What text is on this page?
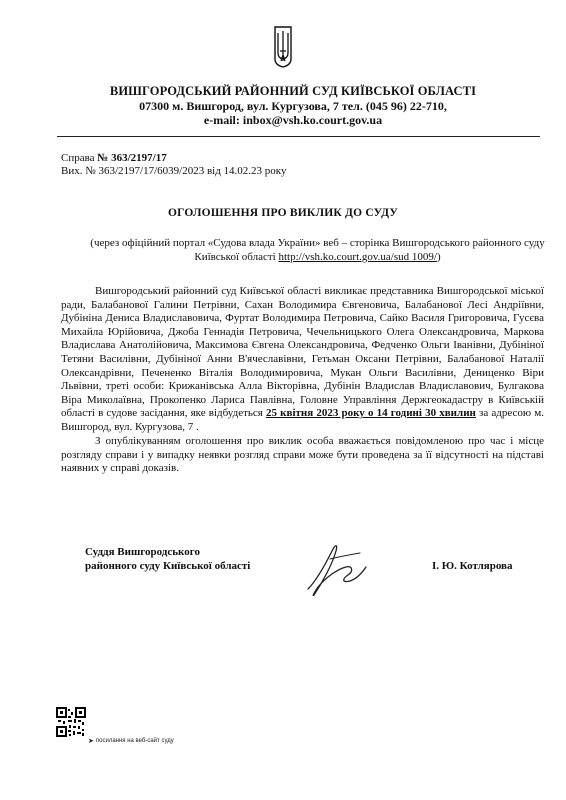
ВИШГОРОДСЬКИЙ РАЙОННИЙ СУД КИЇВСЬКОЇ ОБЛАСТІ
07300 м. Вишгород, вул. Кургузова, 7 тел. (045 96) 22-710,
e-mail: inbox@vsh.ko.court.gov.ua
Справа № 363/2197/17
Вих. № 363/2197/17/6039/2023 від 14.02.23 року
ОГОЛОШЕННЯ ПРО ВИКЛИК ДО СУДУ
(через офіційний портал «Судова влада України» веб – сторінка Вишгородського районного суду Київської області http://vsh.ko.court.gov.ua/sud 1009/)
Вишгородський районний суд Київської області викликає представника Вишгородської міської ради, Балабанової Галини Петрівни, Сахан Володимира Євгеновича, Балабанової Лесі Андріївни, Дубініна Дениса Владиславовича, Фуртат Володимира Петровича, Сайко Василя Григоровича, Гусєва Михайла Юрійовича, Джоба Геннадія Петровича, Чечельницького Олега Олександровича, Маркова Владислава Анатолійовича, Максимова Євгена Олександровича, Федченко Ольги Іванівни, Дубініної Тетяни Василівни, Дубініної Анни В'ячеславівни, Гетьман Оксани Петрівни, Балабанової Наталії Олександрівни, Печененко Віталія Володимировича, Мукан Ольги Василівни, Дениценко Віри Львівни, треті особи: Крижанівська Алла Вікторівна, Дубінін Владислав Владиславович, Булгакова Віра Миколаївна, Прокопенко Лариса Павлівна, Головне Управління Держгеокадастру в Київській області в судове засідання, яке відбудеться 25 квітня 2023 року о 14 годині 30 хвилин за адресою м. Вишгород, вул. Кургузова, 7 .
З опублікуванням оголошення про виклик особа вважається повідомленою про час і місце розгляду справи і у випадку неявки розгляд справи може бути проведена за її відсутності на підставі наявних у справі доказів.
Суддя Вишгородського
районного суду Київської області	І. Ю. Котлярова
➤ посилання на веб-сайт суду
